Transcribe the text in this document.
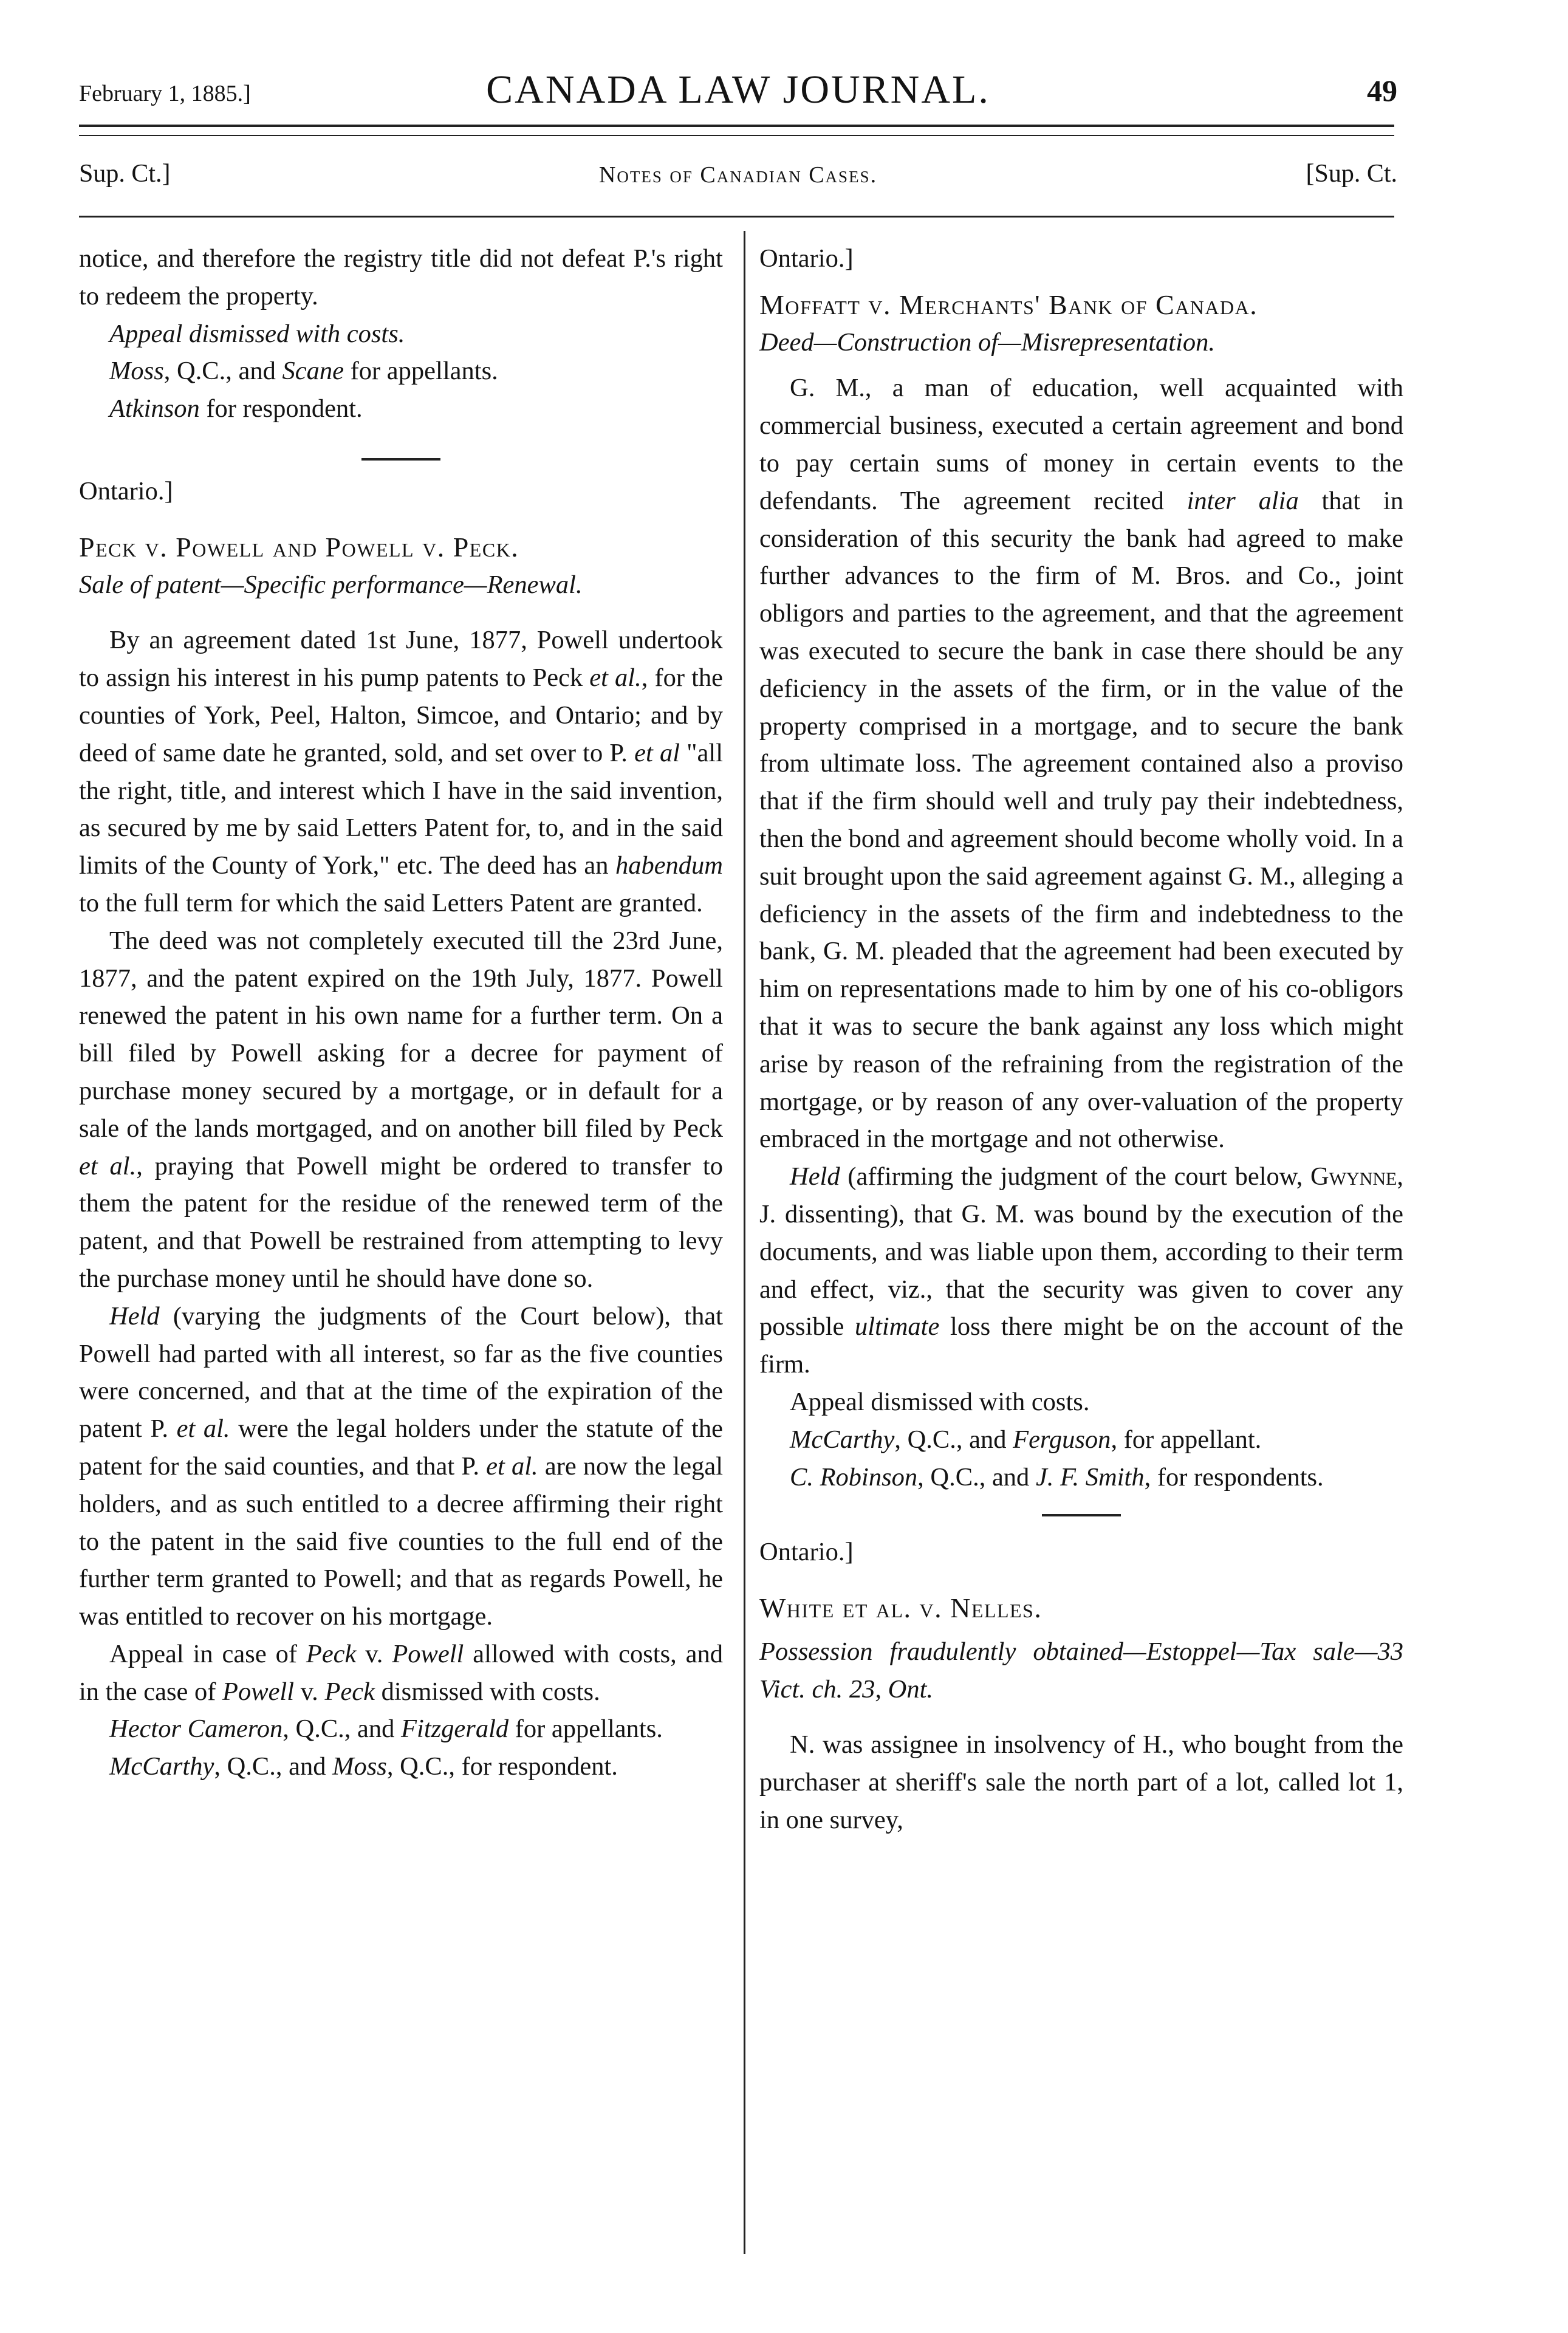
February 1, 1885.]	CANADA LAW JOURNAL.	49
Sup. Ct.]	Notes of Canadian Cases.	[Sup. Ct.

notice, and therefore the registry title did not defeat P.'s right to redeem the property.

Appeal dismissed with costs.

Moss, Q.C., and Scane for appellants.

Atkinson for respondent.

Ontario.]

Peck v. Powell and Powell v. Peck.

Sale of patent—Specific performance—Renewal.

By an agreement dated 1st June, 1877, Powell undertook to assign his interest in his pump patents to Peck et al., for the counties of York, Peel, Halton, Simcoe, and Ontario; and by deed of same date he granted, sold, and set over to P. et al "all the right, title, and interest which I have in the said invention, as secured by me by said Letters Patent for, to, and in the said limits of the County of York," etc. The deed has an habendum to the full term for which the said Letters Patent are granted.

The deed was not completely executed till the 23rd June, 1877, and the patent expired on the 19th July, 1877. Powell renewed the patent in his own name for a further term. On a bill filed by Powell asking for a decree for payment of purchase money secured by a mortgage, or in default for a sale of the lands mortgaged, and on another bill filed by Peck et al., praying that Powell might be ordered to transfer to them the patent for the residue of the renewed term of the patent, and that Powell be restrained from attempting to levy the purchase money until he should have done so.

Held (varying the judgments of the Court below), that Powell had parted with all interest, so far as the five counties were concerned, and that at the time of the expiration of the patent P. et al. were the legal holders under the statute of the patent for the said counties, and that P. et al. are now the legal holders, and as such entitled to a decree affirming their right to the patent in the said five counties to the full end of the further term granted to Powell; and that as regards Powell, he was entitled to recover on his mortgage.

Appeal in case of Peck v. Powell allowed with costs, and in the case of Powell v. Peck dismissed with costs.

Hector Cameron, Q.C., and Fitzgerald for appellants.

McCarthy, Q.C., and Moss, Q.C., for respondent.

Ontario.]

Moffatt v. Merchants' Bank of Canada.

Deed—Construction of—Misrepresentation.

G. M., a man of education, well acquainted with commercial business, executed a certain agreement and bond to pay certain sums of money in certain events to the defendants. The agreement recited inter alia that in consideration of this security the bank had agreed to make further advances to the firm of M. Bros. and Co., joint obligors and parties to the agreement, and that the agreement was executed to secure the bank in case there should be any deficiency in the assets of the firm, or in the value of the property comprised in a mortgage, and to secure the bank from ultimate loss. The agreement contained also a proviso that if the firm should well and truly pay their indebtedness, then the bond and agreement should become wholly void. In a suit brought upon the said agreement against G. M., alleging a deficiency in the assets of the firm and indebtedness to the bank, G. M. pleaded that the agreement had been executed by him on representations made to him by one of his co-obligors that it was to secure the bank against any loss which might arise by reason of the refraining from the registration of the mortgage, or by reason of any over-valuation of the property embraced in the mortgage and not otherwise.

Held (affirming the judgment of the court below, Gwynne, J. dissenting), that G. M. was bound by the execution of the documents, and was liable upon them, according to their term and effect, viz., that the security was given to cover any possible ultimate loss there might be on the account of the firm.

Appeal dismissed with costs.

McCarthy, Q.C., and Ferguson, for appellant.

C. Robinson, Q.C., and J. F. Smith, for respondents.

Ontario.]

White et al. v. Nelles.

Possession fraudulently obtained—Estoppel—Tax sale—33 Vict. ch. 23, Ont.

N. was assignee in insolvency of H., who bought from the purchaser at sheriff's sale the north part of a lot, called lot 1, in one survey,
